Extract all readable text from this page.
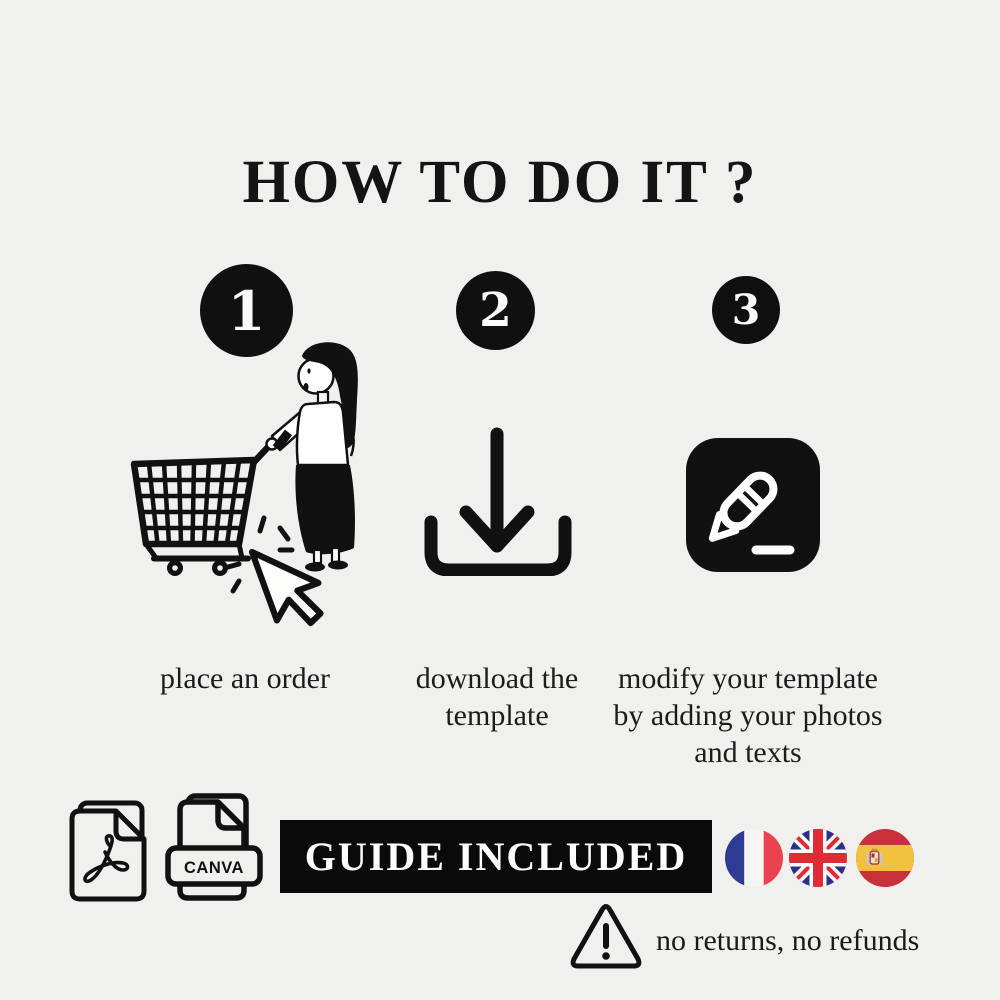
HOW TO DO IT ?
1	2	3
place an order	download the
template
modify your template
by adding your photos
and texts
CANVA GUIDE INCLUDED
no returns, no refunds
